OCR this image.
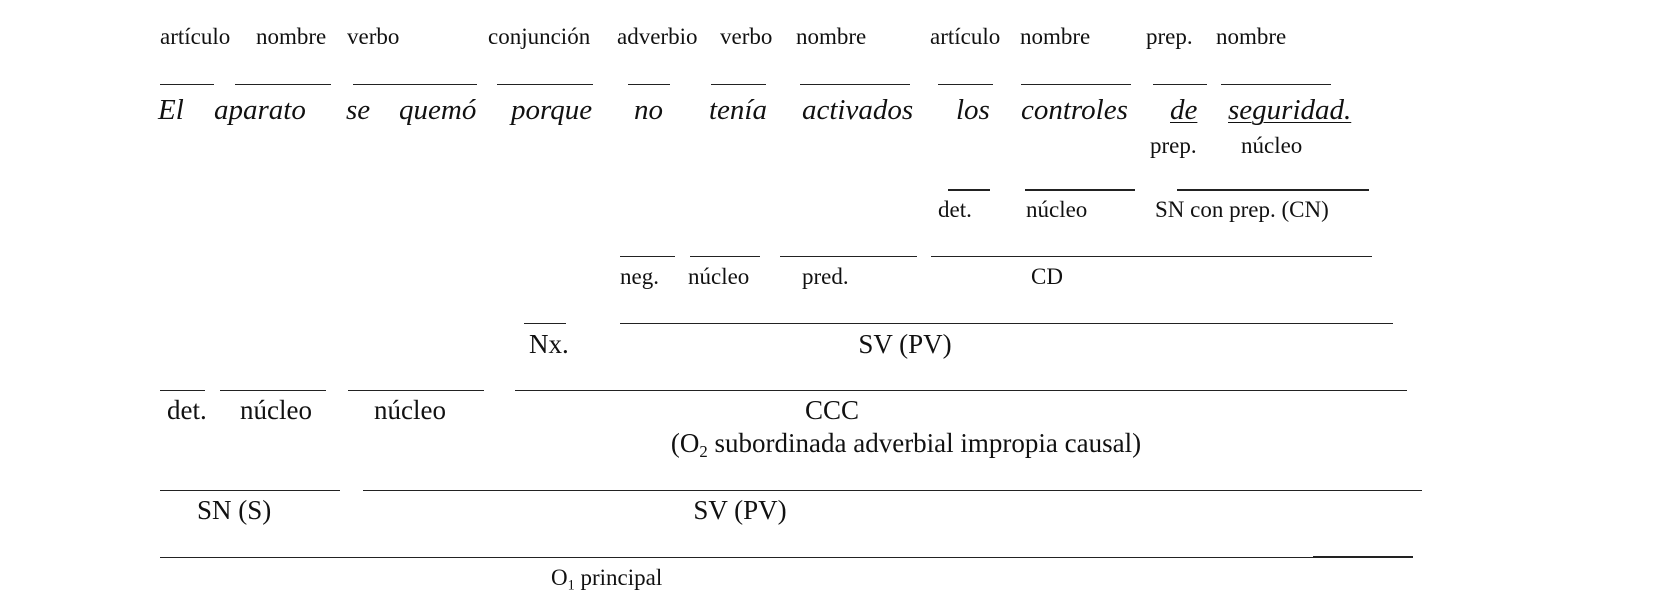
artículo nombre verbo	conjunción adverbio verbo nombre	artículo nombre prep. nombre
El aparato se quemó porque no tenía activados los controles de seguridad.
prep. núcleo
det. núcleo	SN con prep. (CN)
neg. núcleo pred.	CD
Nx.	SV (PV)
det. núcleo núcleo	CCC
($O_2$ subordinada adverbial impropia causal)
SN (S)	SV (PV)
$O_1$ principal
